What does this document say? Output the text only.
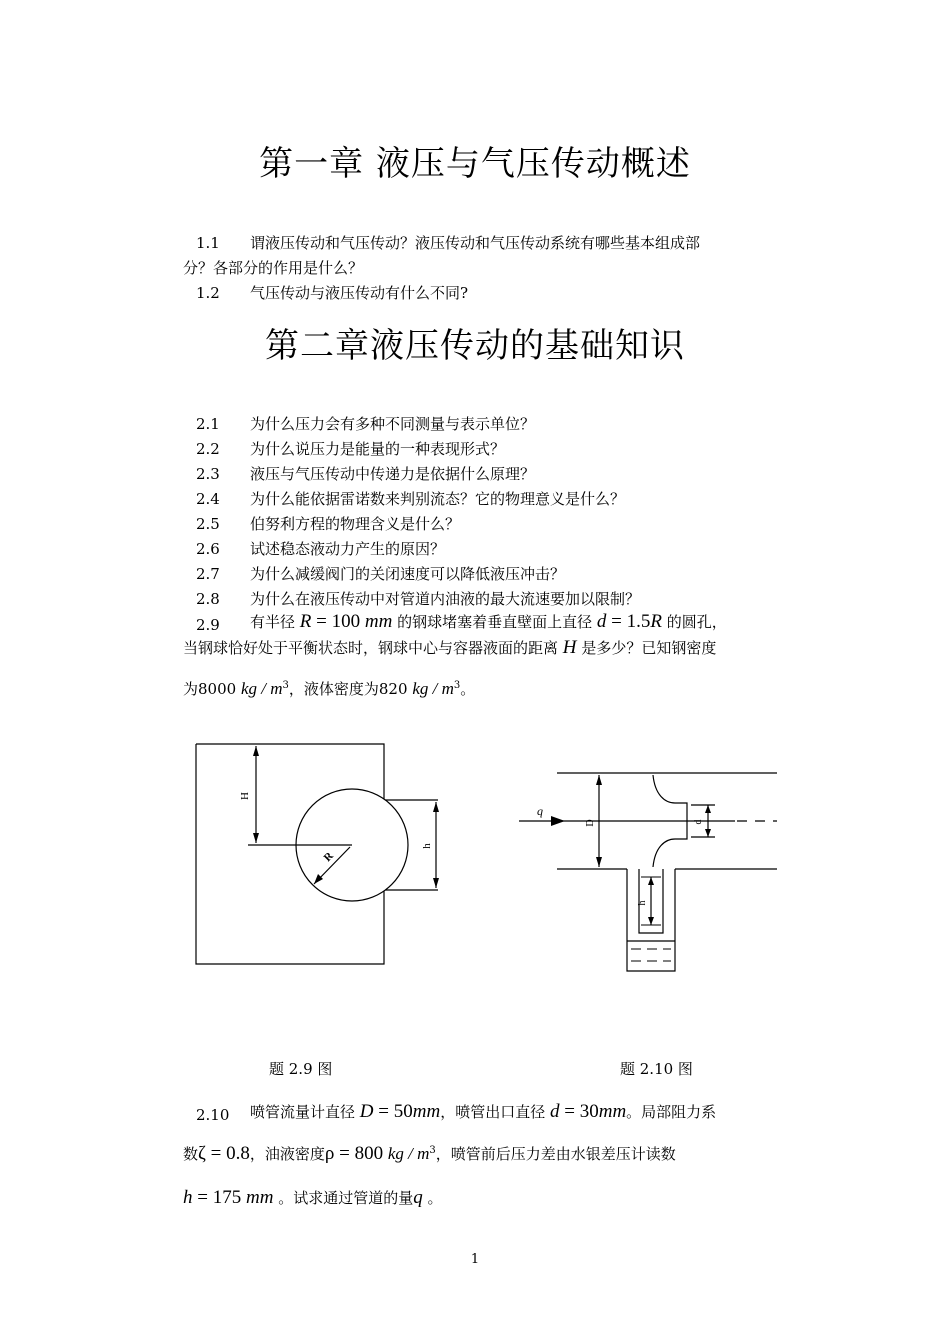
第一章 液压与气压传动概述
1.1 谓液压传动和气压传动？液压传动和气压传动系统有哪些基本组成部
分？各部分的作用是什么？
1.2 气压传动与液压传动有什么不同?
第二章液压传动的基础知识
2.1 为什么压力会有多种不同测量与表示单位？
2.2 为什么说压力是能量的一种表现形式？
2.3 液压与气压传动中传递力是依据什么原理？
2.4 为什么能依据雷诺数来判别流态？它的物理意义是什么？
2.5 伯努利方程的物理含义是什么？
2.6 试述稳态液动力产生的原因？
2.7 为什么减缓阀门的关闭速度可以降低液压冲击？
2.8 为什么在液压传动中对管道内油液的最大流速要加以限制？
2.9 有半径 R = 100 mm 的钢球堵塞着垂直壁面上直径 d = 1.5R 的圆孔，
当钢球恰好处于平衡状态时，钢球中心与容器液面的距离 H 是多少？已知钢密度
为8000 kg / $m^3$，液体密度为820 kg / $m^3$。
H
R
h
q
D	d
h
题 2.9 图	题 2.10 图
2.10 喷管流量计直径 D = 50mm，喷管出口直径 d = 30mm。局部阻力系
数ζ = 0.8，油液密度ρ = 800 kg / $m^3$，喷管前后压力差由水银差压计读数
h = 175 mm 。试求通过管道的量q 。
1
